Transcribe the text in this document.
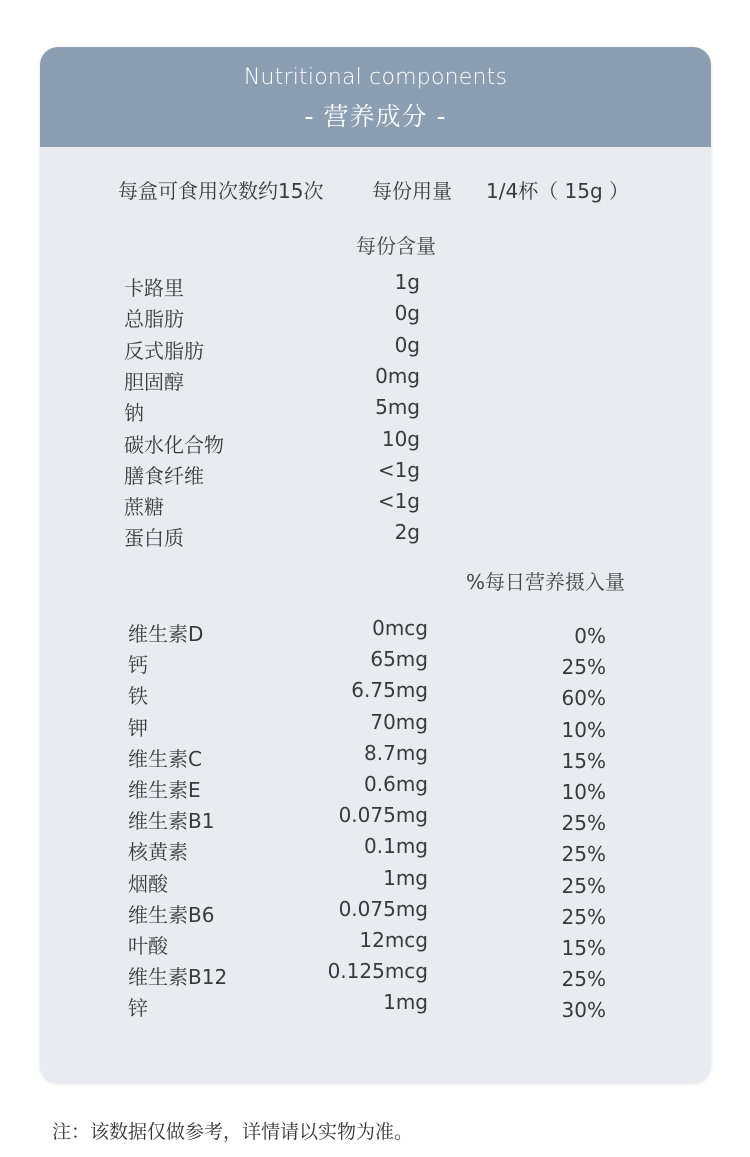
Nutritional components
- 营养成分 -
每盒可食用次数约15次 每份用量 1/4杯（ 15g ）
每份含量
卡路里	1g
总脂肪	0g
反式脂肪	0g
胆固醇	0mg
钠	5mg
碳水化合物	10g
膳食纤维	<1g
蔗糖	<1g
蛋白质	2g
%每日营养摄入量
维生素D	0mcg	0%
钙	65mg	25%
铁	6.75mg	60%
钾	70mg	10%
维生素C	8.7mg	15%
维生素E	0.6mg	10%
维生素B1	0.075mg	25%
核黄素	0.1mg	25%
烟酸	1mg	25%
维生素B6	0.075mg	25%
叶酸	12mcg	15%
维生素B12	0.125mcg	25%
锌	1mg	30%
注：该数据仅做参考，详情请以实物为准。
